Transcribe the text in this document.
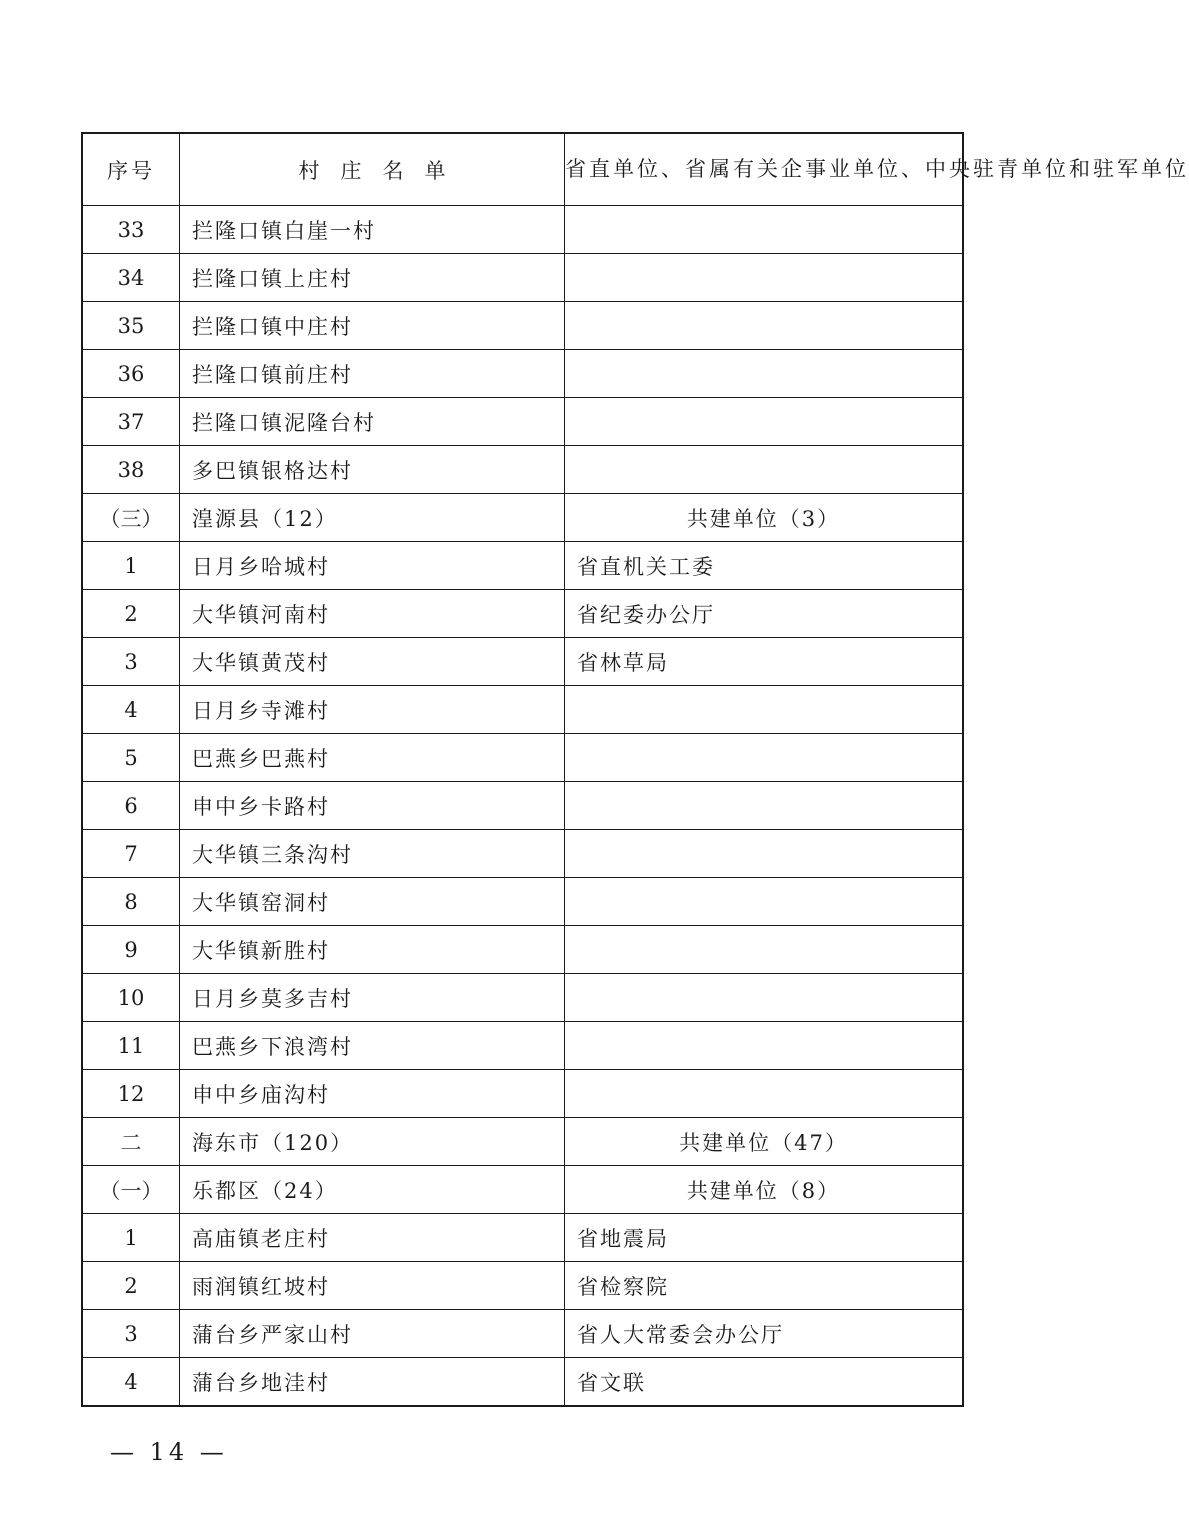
序号	村　庄　名　单	省直单位、省属有关企事业单位、中央驻青单位和驻军单位
33	拦隆口镇白崖一村	
34	拦隆口镇上庄村	
35	拦隆口镇中庄村	
36	拦隆口镇前庄村	
37	拦隆口镇泥隆台村	
38	多巴镇银格达村	
（三）	湟源县（12）	共建单位（3）
1	日月乡哈城村	省直机关工委
2	大华镇河南村	省纪委办公厅
3	大华镇黄茂村	省林草局
4	日月乡寺滩村	
5	巴燕乡巴燕村	
6	申中乡卡路村	
7	大华镇三条沟村	
8	大华镇窑洞村	
9	大华镇新胜村	
10	日月乡莫多吉村	
11	巴燕乡下浪湾村	
12	申中乡庙沟村	
二	海东市（120）	共建单位（47）
（一）	乐都区（24）	共建单位（8）
1	高庙镇老庄村	省地震局
2	雨润镇红坡村	省检察院
3	蒲台乡严家山村	省人大常委会办公厅
4	蒲台乡地洼村	省文联
— 14 —
